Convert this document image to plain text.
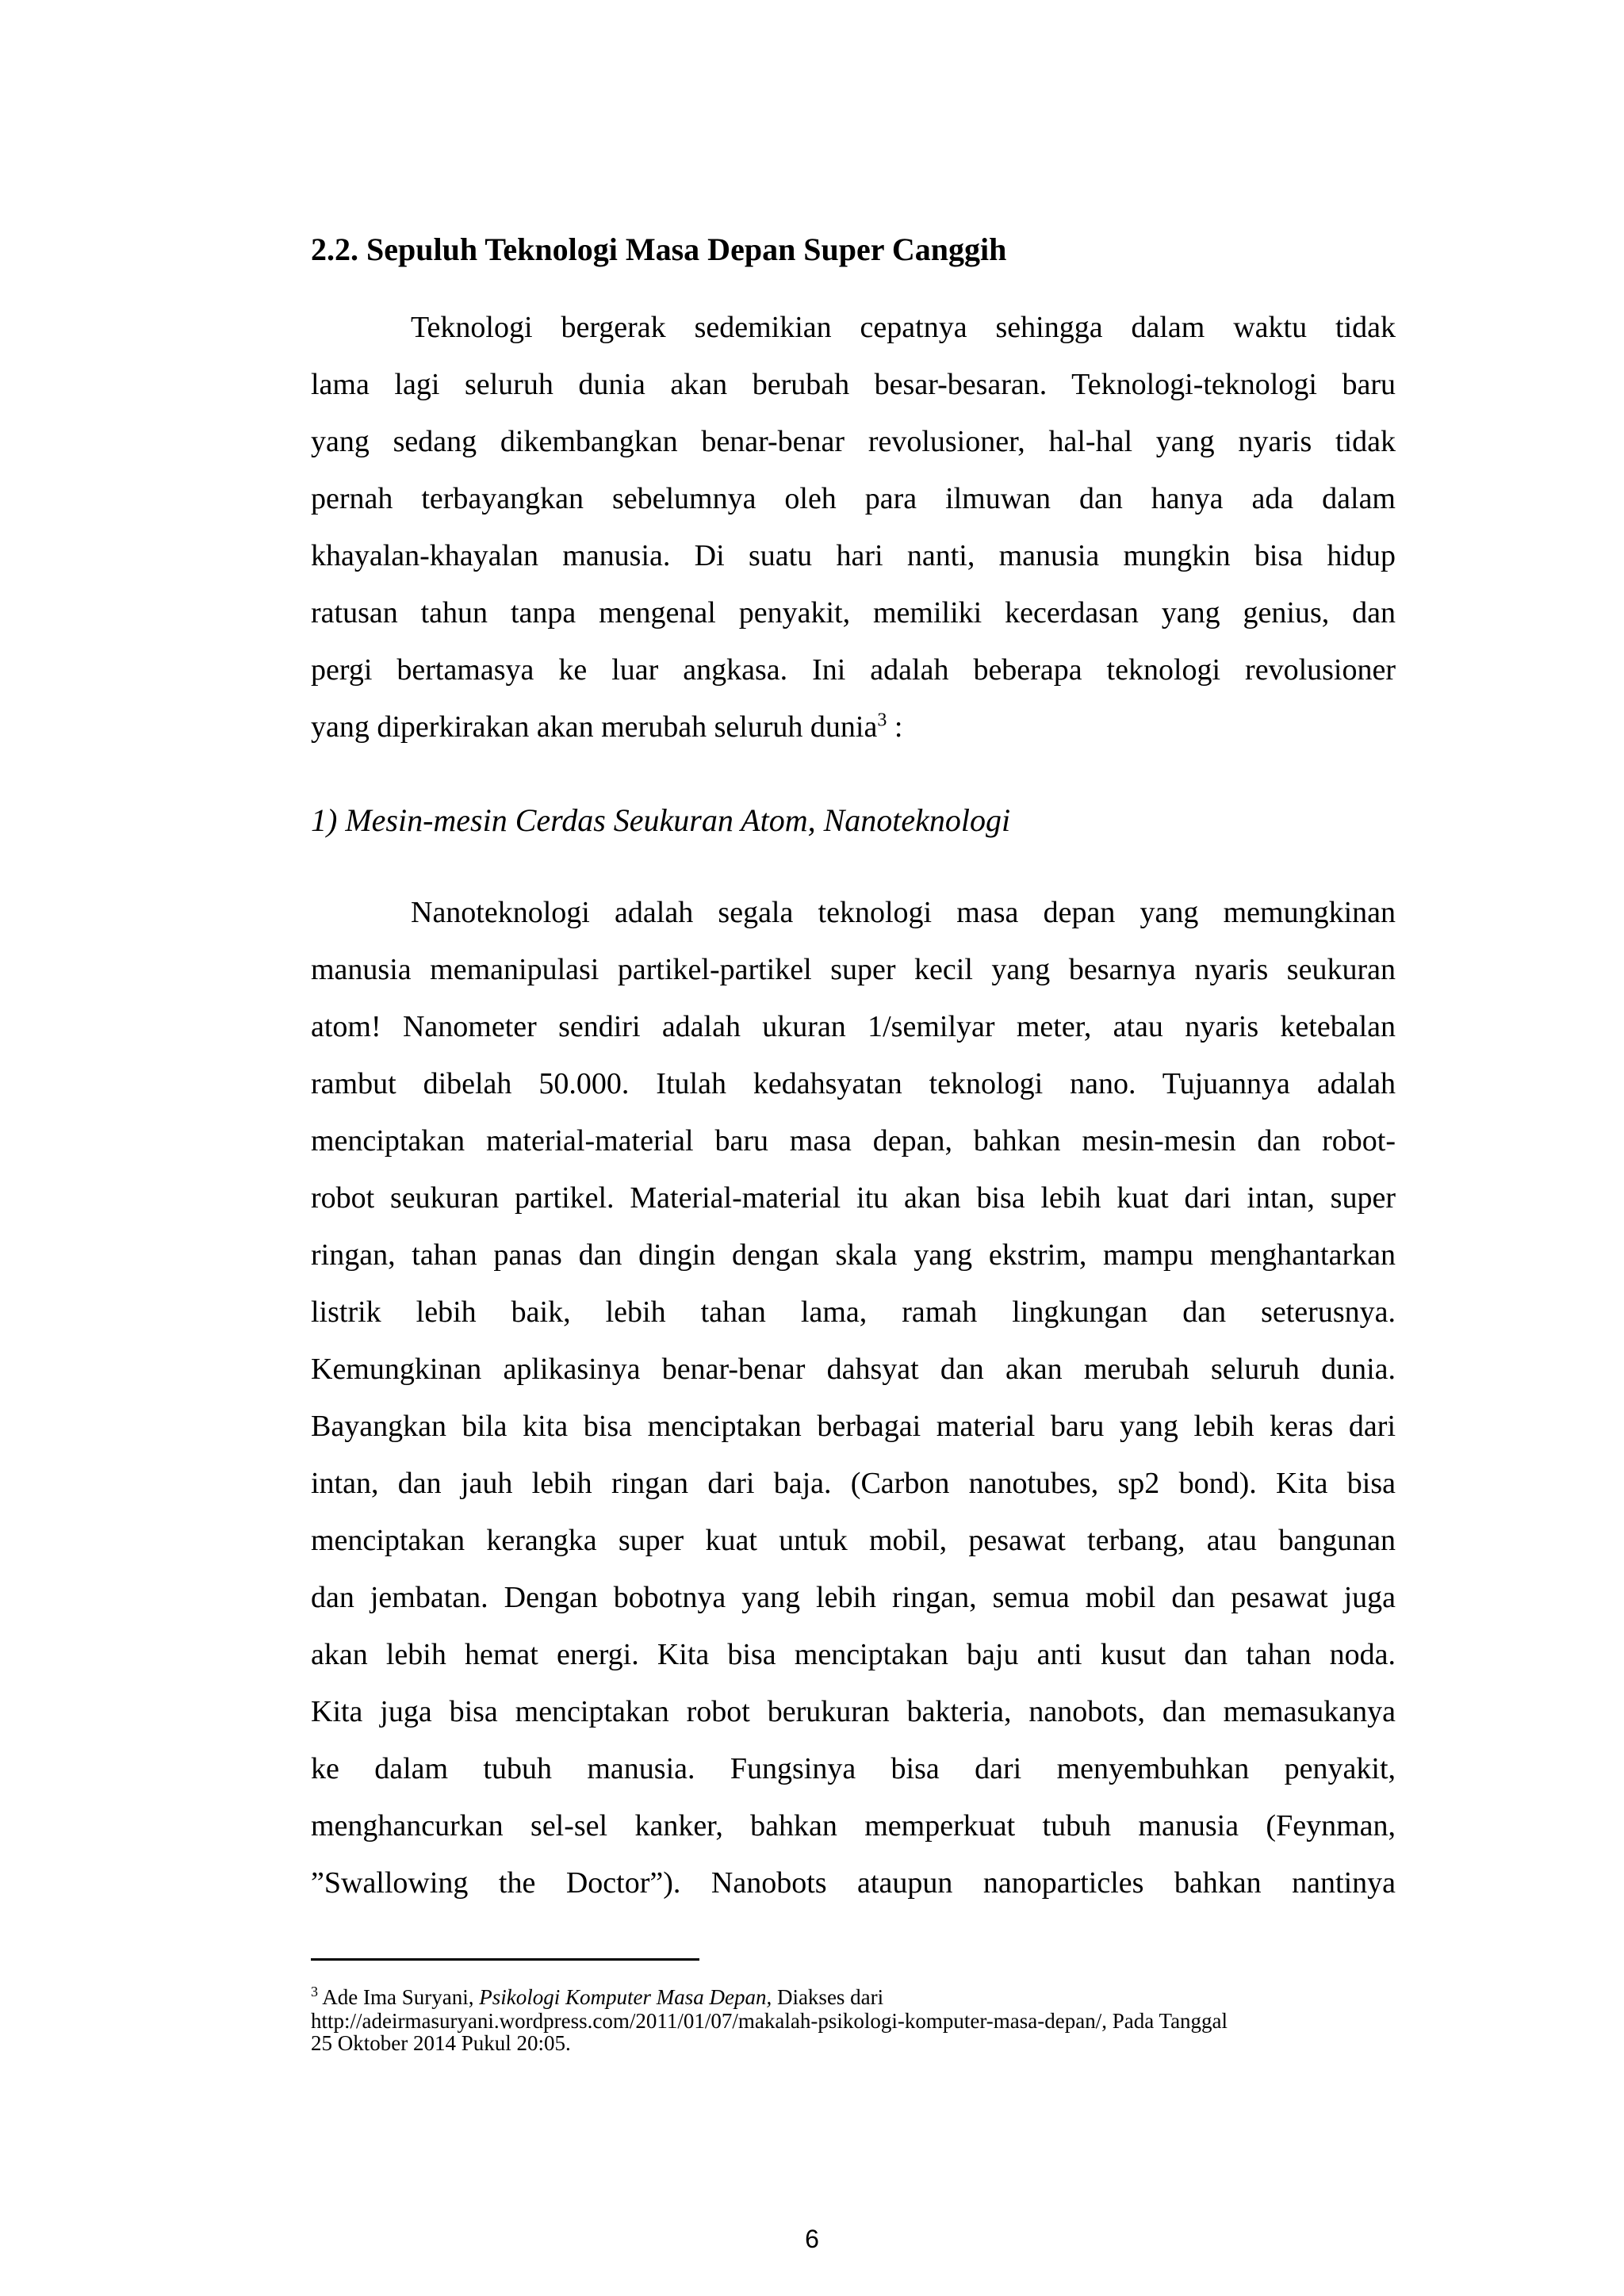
2.2. Sepuluh Teknologi Masa Depan Super Canggih
Teknologi bergerak sedemikian cepatnya sehingga dalam waktu tidak
lama lagi seluruh dunia akan berubah besar-besaran. Teknologi-teknologi baru
yang sedang dikembangkan benar-benar revolusioner, hal-hal yang nyaris tidak
pernah terbayangkan sebelumnya oleh para ilmuwan dan hanya ada dalam
khayalan-khayalan manusia. Di suatu hari nanti, manusia mungkin bisa hidup
ratusan tahun tanpa mengenal penyakit, memiliki kecerdasan yang genius, dan
pergi bertamasya ke luar angkasa. Ini adalah beberapa teknologi revolusioner
yang diperkirakan akan merubah seluruh dunia$^3$ :
1) Mesin-mesin Cerdas Seukuran Atom, Nanoteknologi
Nanoteknologi adalah segala teknologi masa depan yang memungkinan
manusia memanipulasi partikel-partikel super kecil yang besarnya nyaris seukuran
atom! Nanometer sendiri adalah ukuran 1/semilyar meter, atau nyaris ketebalan
rambut dibelah 50.000. Itulah kedahsyatan teknologi nano. Tujuannya adalah
menciptakan material-material baru masa depan, bahkan mesin-mesin dan robot-
robot seukuran partikel. Material-material itu akan bisa lebih kuat dari intan, super
ringan, tahan panas dan dingin dengan skala yang ekstrim, mampu menghantarkan
listrik lebih baik, lebih tahan lama, ramah lingkungan dan seterusnya.
Kemungkinan aplikasinya benar-benar dahsyat dan akan merubah seluruh dunia.
Bayangkan bila kita bisa menciptakan berbagai material baru yang lebih keras dari
intan, dan jauh lebih ringan dari baja. (Carbon nanotubes, sp2 bond). Kita bisa
menciptakan kerangka super kuat untuk mobil, pesawat terbang, atau bangunan
dan jembatan. Dengan bobotnya yang lebih ringan, semua mobil dan pesawat juga
akan lebih hemat energi. Kita bisa menciptakan baju anti kusut dan tahan noda.
Kita juga bisa menciptakan robot berukuran bakteria, nanobots, dan memasukanya
ke dalam tubuh manusia. Fungsinya bisa dari menyembuhkan penyakit,
menghancurkan sel-sel kanker, bahkan memperkuat tubuh manusia (Feynman,
”Swallowing the Doctor”). Nanobots ataupun nanoparticles bahkan nantinya
$^3$ Ade Ima Suryani, Psikologi Komputer Masa Depan, Diakses dari
http://adeirmasuryani.wordpress.com/2011/01/07/makalah-psikologi-komputer-masa-depan/, Pada Tanggal
25 Oktober 2014 Pukul 20:05.
6
